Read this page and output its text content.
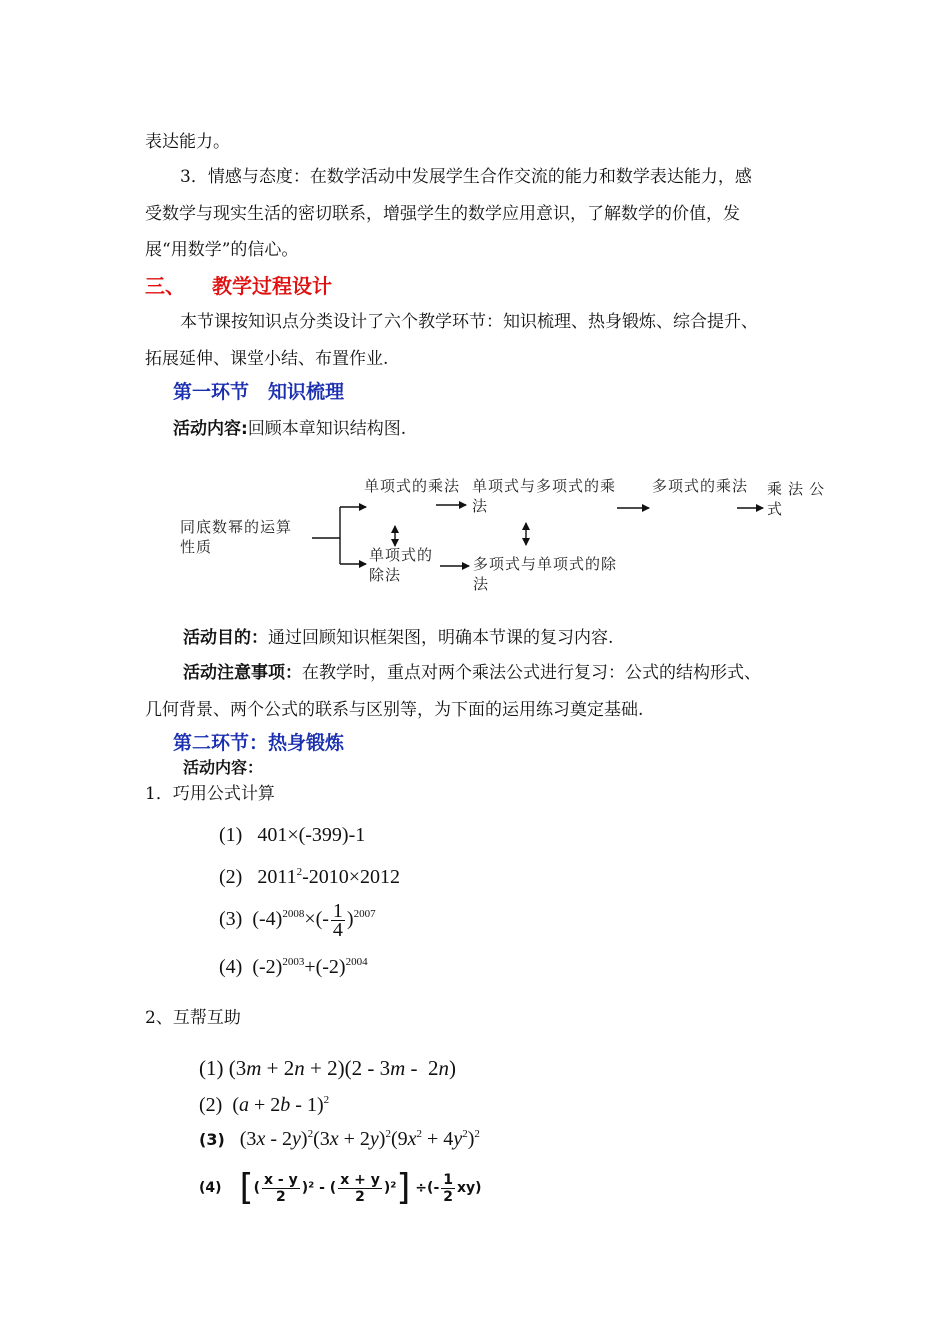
表达能力。
3．情感与态度：在数学活动中发展学生合作交流的能力和数学表达能力，感
受数学与现实生活的密切联系，增强学生的数学应用意识，了解数学的价值，发
展“用数学”的信心。
三、 教学过程设计
本节课按知识点分类设计了六个教学环节：知识梳理、热身锻炼、综合提升、
拓展延伸、课堂小结、布置作业.
第一环节　知识梳理
活动内容:回顾本章知识结构图.
同底数幂的运算性质
单项式的乘法 单项式与多项式的乘法
多项式的乘法 乘法公式
单项式的除法
多项式与单项式的除法
活动目的：通过回顾知识框架图，明确本节课的复习内容.
活动注意事项：在教学时，重点对两个乘法公式进行复习：公式的结构形式、
几何背景、两个公式的联系与区别等，为下面的运用练习奠定基础.
第二环节：热身锻炼
活动内容：
1．巧用公式计算
(1) 401×(-399)-1
(2) $2011^2-2010\times 2012$
(3) $(-4)^{2008}\times(- \frac{1}{4} )^{2007}$
(4) $(-2)^{2003}+(-2)^{2004}$
2、互帮互助
(1) (3m + 2n + 2)(2 - 3m -  2n)
(2)  $(a + 2b - 1)^2$
(3)   $(3x - 2y)^2(3x + 2y)^2(9x^2 + 4y^2)^2$
(4) [( $\frac{x - y}{2} )^2$ - ( $\frac{x + y}{2} )^2$] ÷(- $\frac{1}{2} xy$)
